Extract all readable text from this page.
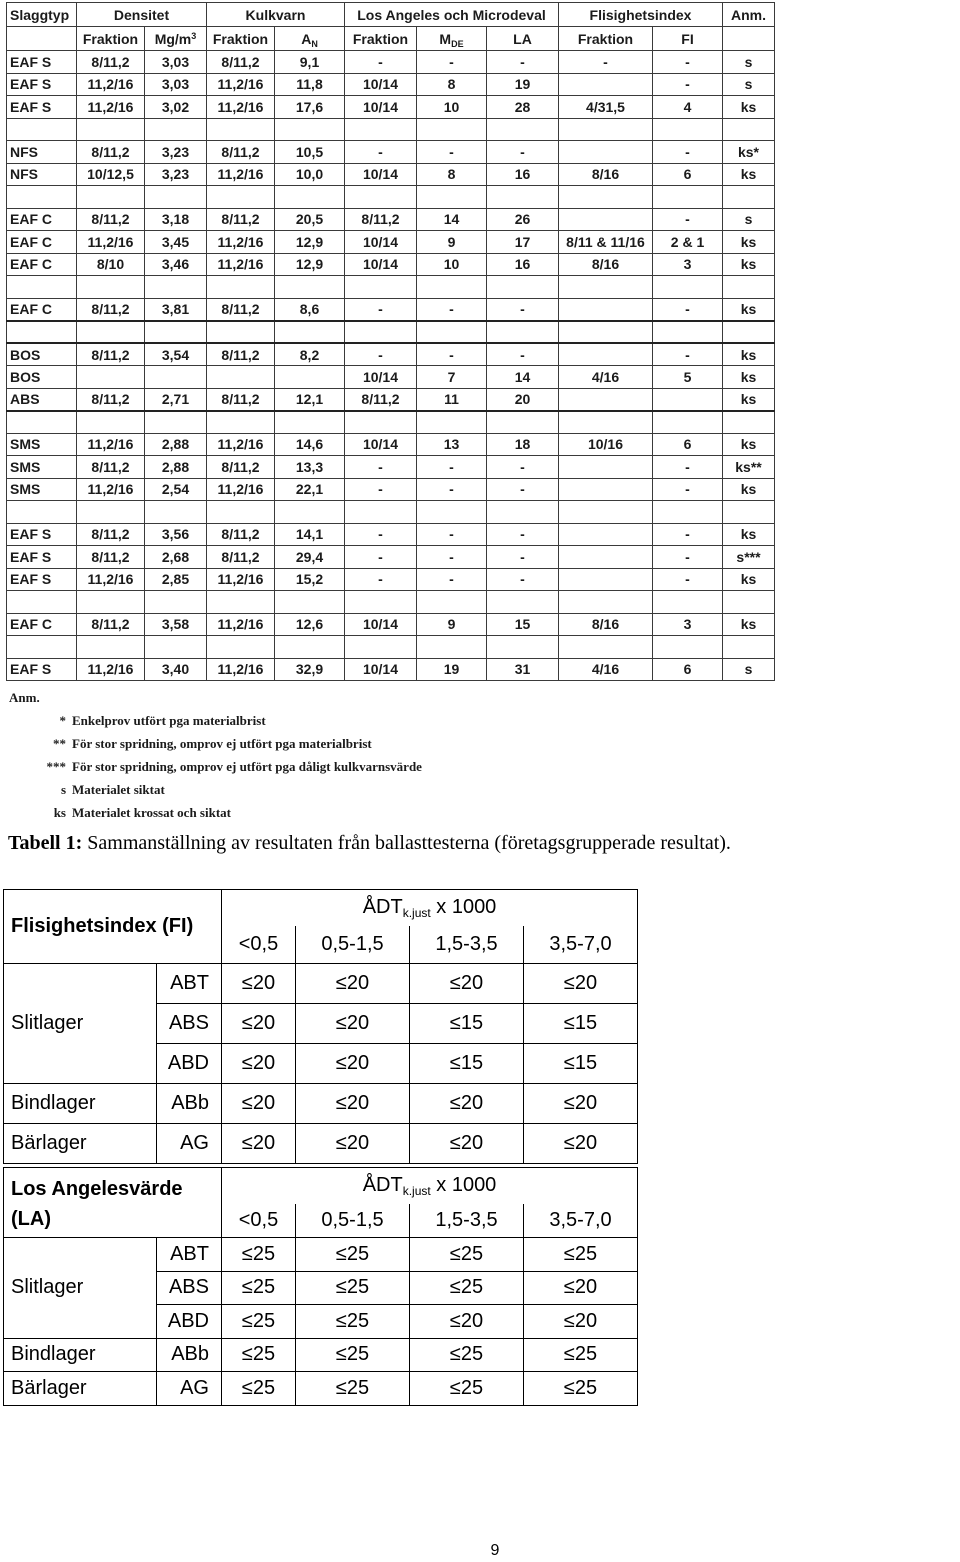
Slaggtyp	Densitet		Kulkvarn		Los Angeles och Microdeval			Flisighetsindex		Anm.
	Fraktion	$Mg/m^3$	Fraktion	$A_N$	Fraktion	$M_{DE}$	LA	Fraktion	FI	
EAF S	8/11,2	3,03	8/11,2	9,1	-	-	-	-	-	s
EAF S	11,2/16	3,03	11,2/16	11,8	10/14	8	19		-	s
EAF S	11,2/16	3,02	11,2/16	17,6	10/14	10	28	4/31,5	4	ks

NFS	8/11,2	3,23	8/11,2	10,5	-	-	-		-	ks*
NFS	10/12,5	3,23	11,2/16	10,0	10/14	8	16	8/16	6	ks

EAF C	8/11,2	3,18	8/11,2	20,5	8/11,2	14	26		-	s
EAF C	11,2/16	3,45	11,2/16	12,9	10/14	9	17	8/11 & 11/16	2 & 1	ks
EAF C	8/10	3,46	11,2/16	12,9	10/14	10	16	8/16	3	ks

EAF C	8/11,2	3,81	8/11,2	8,6	-	-	-		-	ks

BOS	8/11,2	3,54	8/11,2	8,2	-	-	-		-	ks
BOS					10/14	7	14	4/16	5	ks
ABS	8/11,2	2,71	8/11,2	12,1	8/11,2	11	20			ks

SMS	11,2/16	2,88	11,2/16	14,6	10/14	13	18	10/16	6	ks
SMS	8/11,2	2,88	8/11,2	13,3	-	-	-		-	ks**
SMS	11,2/16	2,54	11,2/16	22,1	-	-	-		-	ks

EAF S	8/11,2	3,56	8/11,2	14,1	-	-	-		-	ks
EAF S	8/11,2	2,68	8/11,2	29,4	-	-	-		-	s***
EAF S	11,2/16	2,85	11,2/16	15,2	-	-	-		-	ks

EAF C	8/11,2	3,58	11,2/16	12,6	10/14	9	15	8/16	3	ks

EAF S	11,2/16	3,40	11,2/16	32,9	10/14	19	31	4/16	6	s
Anm.
* Enkelprov utfört pga materialbrist
** För stor spridning, omprov ej utfört pga materialbrist
*** För stor spridning, omprov ej utfört pga dåligt kulkvarnsvärde
s Materialet siktat
ks Materialet krossat och siktat
Tabell 1: Sammanställning av resultaten från ballasttesterna (företagsgrupperade resultat).
Flisighetsindex (FI)		$ÅDT_{k.just}$ x 1000			
		<0,5	0,5-1,5	1,5-3,5	3,5-7,0
Slitlager	ABT	≤20	≤20	≤20	≤20
	ABS	≤20	≤20	≤15	≤15
	ABD	≤20	≤20	≤15	≤15
Bindlager	ABb	≤20	≤20	≤20	≤20
Bärlager	AG	≤20	≤20	≤20	≤20
Los Angelesvärde (LA)		$ÅDT_{k.just}$ x 1000			
		<0,5	0,5-1,5	1,5-3,5	3,5-7,0
Slitlager	ABT	≤25	≤25	≤25	≤25
	ABS	≤25	≤25	≤25	≤20
	ABD	≤25	≤25	≤20	≤20
Bindlager	ABb	≤25	≤25	≤25	≤25
Bärlager	AG	≤25	≤25	≤25	≤25
9
